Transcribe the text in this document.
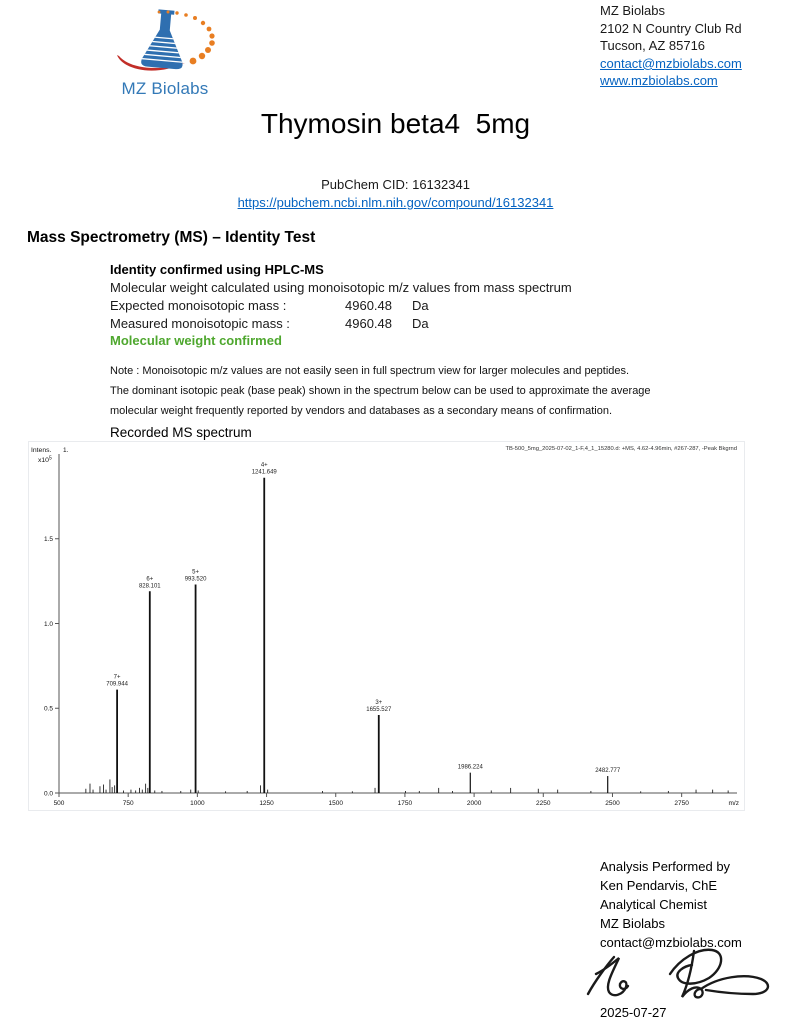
MZ Biolabs
MZ Biolabs
2102 N Country Club Rd
Tucson, AZ 85716
contact@mzbiolabs.com
www.mzbiolabs.com
Thymosin beta4  5mg
PubChem CID: 16132341
https://pubchem.ncbi.nlm.nih.gov/compound/16132341
Mass Spectrometry (MS) – Identity Test
Identity confirmed using HPLC-MS
Molecular weight calculated using monoisotopic m/z values from mass spectrum
Expected monoisotopic mass :	4960.48	Da
Measured monoisotopic mass :	4960.48	Da
Molecular weight confirmed
Note : Monoisotopic m/z values are not easily seen in full spectrum view for larger molecules and peptides.
The dominant isotopic peak (base peak) shown in the spectrum below can be used to approximate the average
molecular weight frequently reported by vendors and databases as a secondary means of confirmation.
Recorded MS spectrum
0.0
0.5
1.0
1.5
500	750	1000	1250	1500	1750	2000	2250	2500	2750	m/z
709.944
7+
828.101
6+	993.520
5+
1241.649
4+
1655.527
3+
1986.224
2482.777
TB-500_5mg_2025-07-02_1-F,4_1_15280.d: +MS, 4.62-4.96min, #267-287, -Peak Bkgrnd
Intens.
$x10^5$
1.
Analysis Performed by
Ken Pendarvis, ChE
Analytical Chemist
MZ Biolabs
contact@mzbiolabs.com
2025-07-27
